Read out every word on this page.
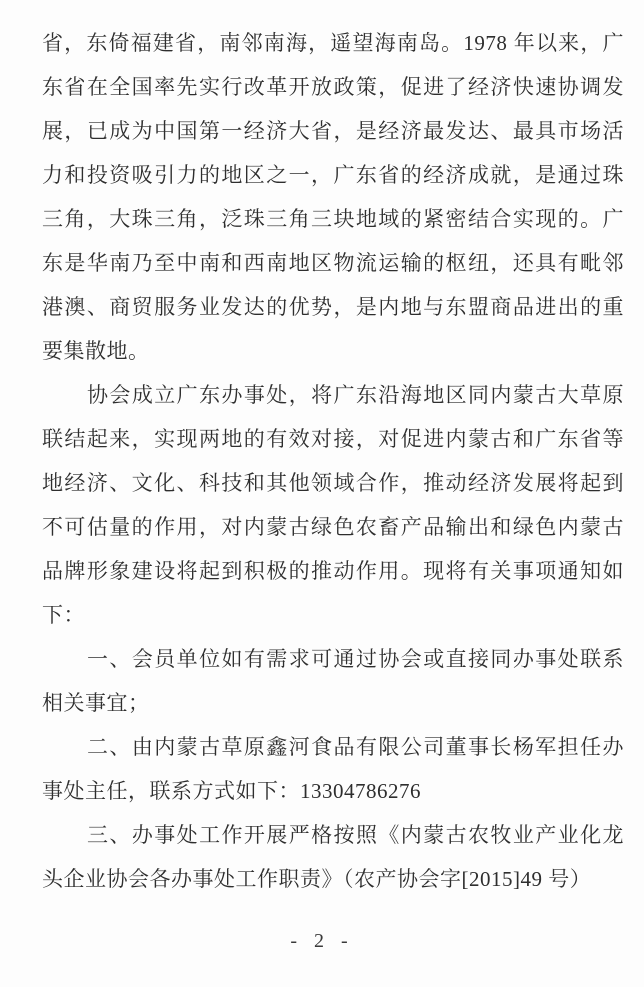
省，东倚福建省，南邻南海，遥望海南岛。1978 年以来，广
东省在全国率先实行改革开放政策，促进了经济快速协调发
展，已成为中国第一经济大省，是经济最发达、最具市场活
力和投资吸引力的地区之一，广东省的经济成就，是通过珠
三角，大珠三角，泛珠三角三块地域的紧密结合实现的。广
东是华南乃至中南和西南地区物流运输的枢纽，还具有毗邻
港澳、商贸服务业发达的优势，是内地与东盟商品进出的重
要集散地。
协会成立广东办事处，将广东沿海地区同内蒙古大草原
联结起来，实现两地的有效对接，对促进内蒙古和广东省等
地经济、文化、科技和其他领域合作，推动经济发展将起到
不可估量的作用，对内蒙古绿色农畜产品输出和绿色内蒙古
品牌形象建设将起到积极的推动作用。现将有关事项通知如
下：
一、会员单位如有需求可通过协会或直接同办事处联系
相关事宜；
二、由内蒙古草原鑫河食品有限公司董事长杨军担任办
事处主任，联系方式如下：13304786276
三、办事处工作开展严格按照《内蒙古农牧业产业化龙
头企业协会各办事处工作职责》（农产协会字[2015]49 号）
- 2 -
